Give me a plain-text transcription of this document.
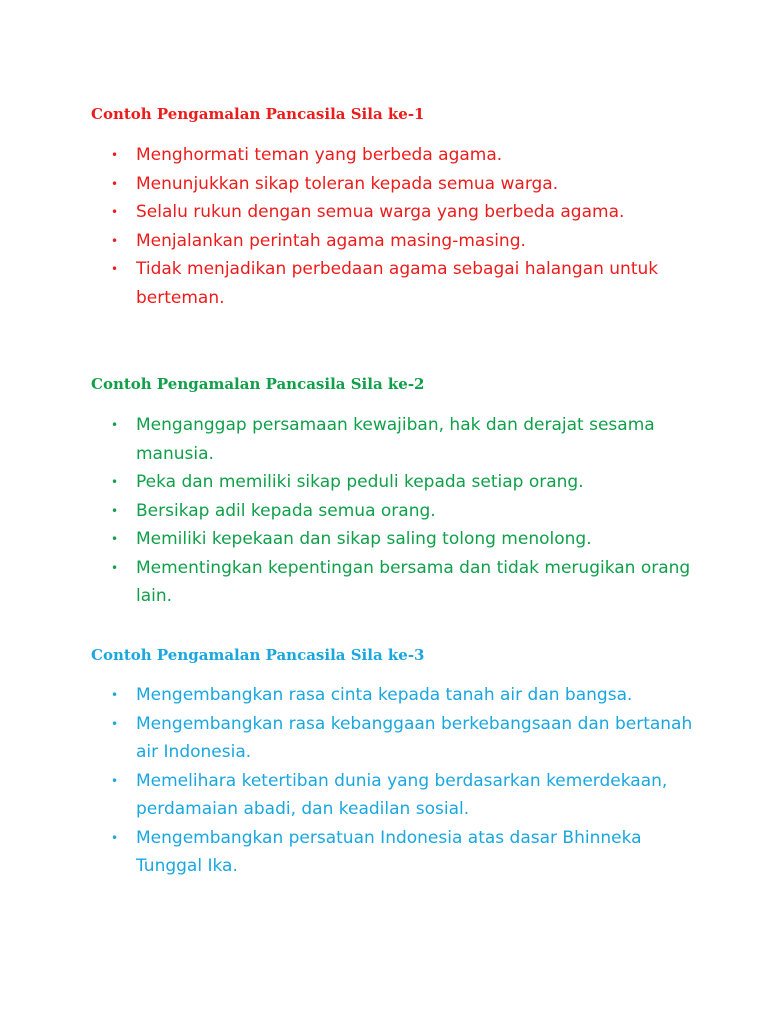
Contoh Pengamalan Pancasila Sila ke-1
• Menghormati teman yang berbeda agama.
• Menunjukkan sikap toleran kepada semua warga.
• Selalu rukun dengan semua warga yang berbeda agama.
• Menjalankan perintah agama masing-masing.
• Tidak menjadikan perbedaan agama sebagai halangan untuk berteman.
Contoh Pengamalan Pancasila Sila ke-2
• Menganggap persamaan kewajiban, hak dan derajat sesama manusia.
• Peka dan memiliki sikap peduli kepada setiap orang.
• Bersikap adil kepada semua orang.
• Memiliki kepekaan dan sikap saling tolong menolong.
• Mementingkan kepentingan bersama dan tidak merugikan orang lain.
Contoh Pengamalan Pancasila Sila ke-3
• Mengembangkan rasa cinta kepada tanah air dan bangsa.
• Mengembangkan rasa kebanggaan berkebangsaan dan bertanah air Indonesia.
• Memelihara ketertiban dunia yang berdasarkan kemerdekaan, perdamaian abadi, dan keadilan sosial.
• Mengembangkan persatuan Indonesia atas dasar Bhinneka Tunggal Ika.
